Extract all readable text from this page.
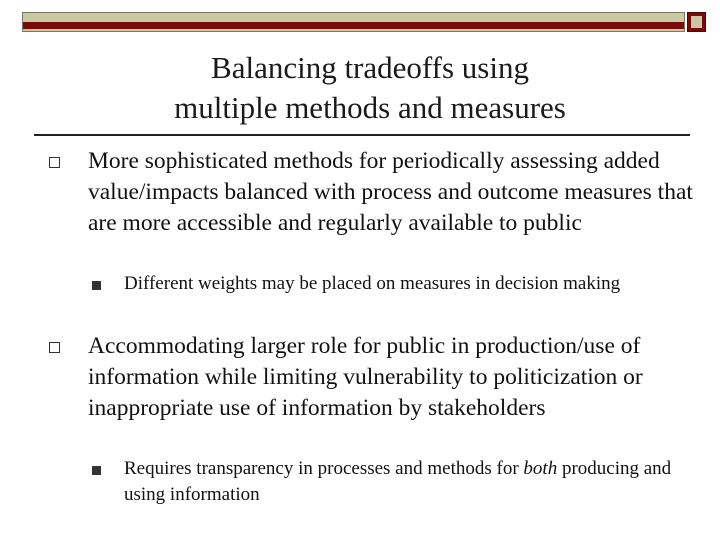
Balancing tradeoffs using
multiple methods and measures
More sophisticated methods for periodically assessing added value/impacts balanced with process and outcome measures that are more accessible and regularly available to public
Different weights may be placed on measures in decision making
Accommodating larger role for public in production/use of information while limiting vulnerability to politicization or inappropriate use of information by stakeholders
Requires transparency in processes and methods for both producing and using information
